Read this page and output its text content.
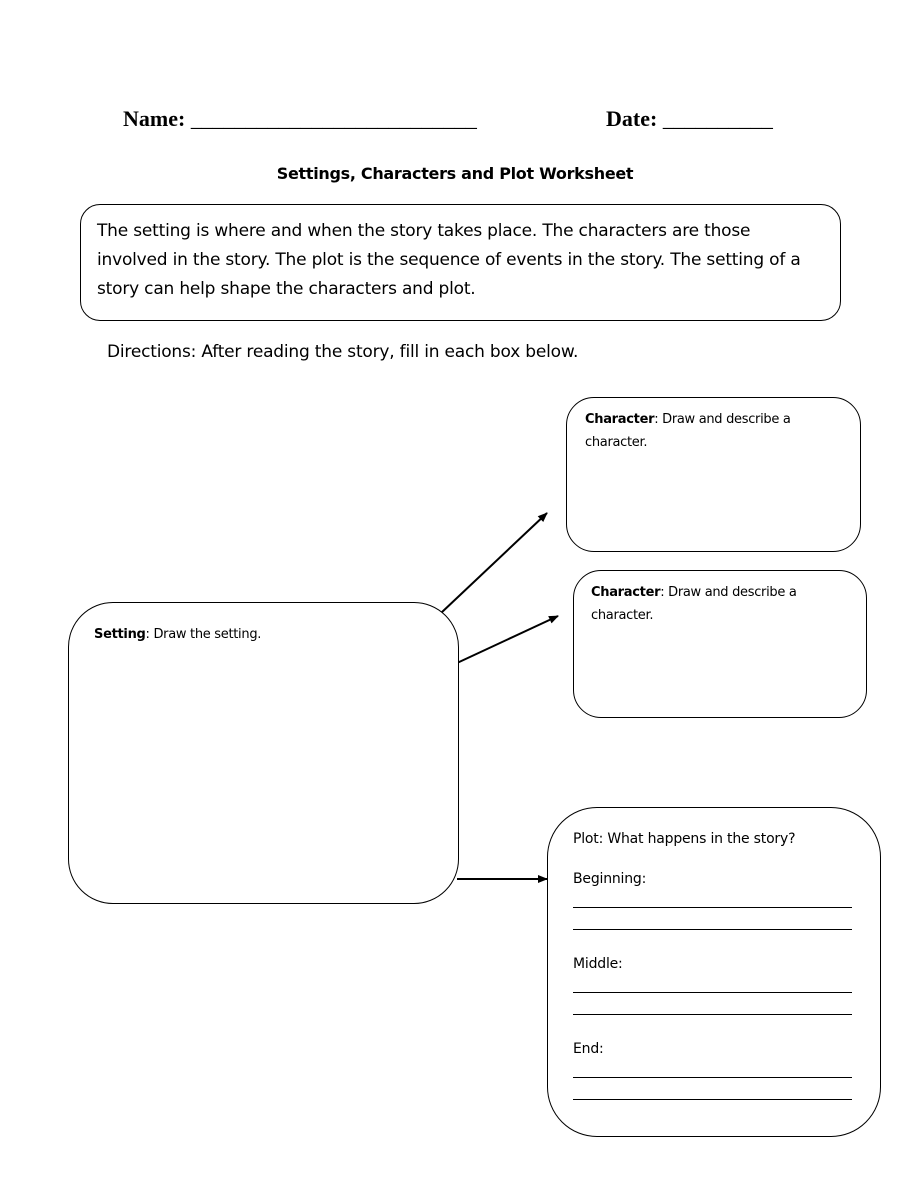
Name: __________________________	Date: __________
Settings, Characters and Plot Worksheet
The setting is where and when the story takes place. The characters are those involved in the story. The plot is the sequence of events in the story. The setting of a story can help shape the characters and plot.
Directions: After reading the story, fill in each box below.
Character: Draw and describe a character.
Character: Draw and describe a character.
Setting: Draw the setting.
Plot: What happens in the story?
Beginning:
Middle:
End:
